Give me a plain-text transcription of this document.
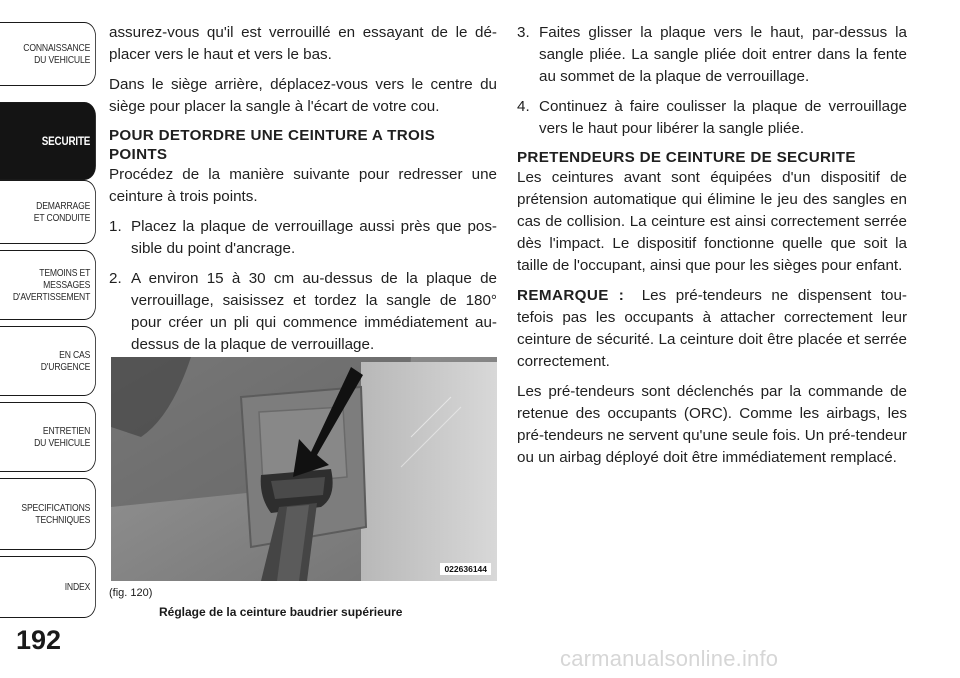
CONNAISSANCE
DU VEHICULE
SECURITE
DEMARRAGE
ET CONDUITE
TEMOINS ET
MESSAGES
D'AVERTISSEMENT
EN CAS
D'URGENCE
ENTRETIEN
DU VEHICULE
SPECIFICATIONS
TECHNIQUES
INDEX
192

assurez-vous qu'il est verrouillé en essayant de le dé-placer vers le haut et vers le bas.

Dans le siège arrière, déplacez-vous vers le centre du siège pour placer la sangle à l'écart de votre cou.

POUR DETORDRE UNE CEINTURE A TROIS POINTS

Procédez de la manière suivante pour redresser une ceinture à trois points.

1. Placez la plaque de verrouillage aussi près que pos-sible du point d'ancrage.
2. A environ 15 à 30 cm au-dessus de la plaque de verrouillage, saisissez et tordez la sangle de 180° pour créer un pli qui commence immédiatement au-dessus de la plaque de verrouillage.
022636144
(fig. 120)
Réglage de la ceinture baudrier supérieure
3. Faites glisser la plaque vers le haut, par-dessus la sangle pliée. La sangle pliée doit entrer dans la fente au sommet de la plaque de verrouillage.
4. Continuez à faire coulisser la plaque de verrouillage vers le haut pour libérer la sangle pliée.
PRETENDEURS DE CEINTURE DE SECURITE

Les ceintures avant sont équipées d'un dispositif de prétension automatique qui élimine le jeu des sangles en cas de collision. La ceinture est ainsi correctement serrée dès l'impact. Le dispositif fonctionne quelle que soit la taille de l'occupant, ainsi que pour les sièges pour enfant.

REMARQUE : Les pré-tendeurs ne dispensent tou-tefois pas les occupants à attacher correctement leur ceinture de sécurité. La ceinture doit être placée et serrée correctement.

Les pré-tendeurs sont déclenchés par la commande de retenue des occupants (ORC). Comme les airbags, les pré-tendeurs ne servent qu'une seule fois. Un pré-tendeur ou un airbag déployé doit être immédiatement remplacé.

carmanualsonline.info
